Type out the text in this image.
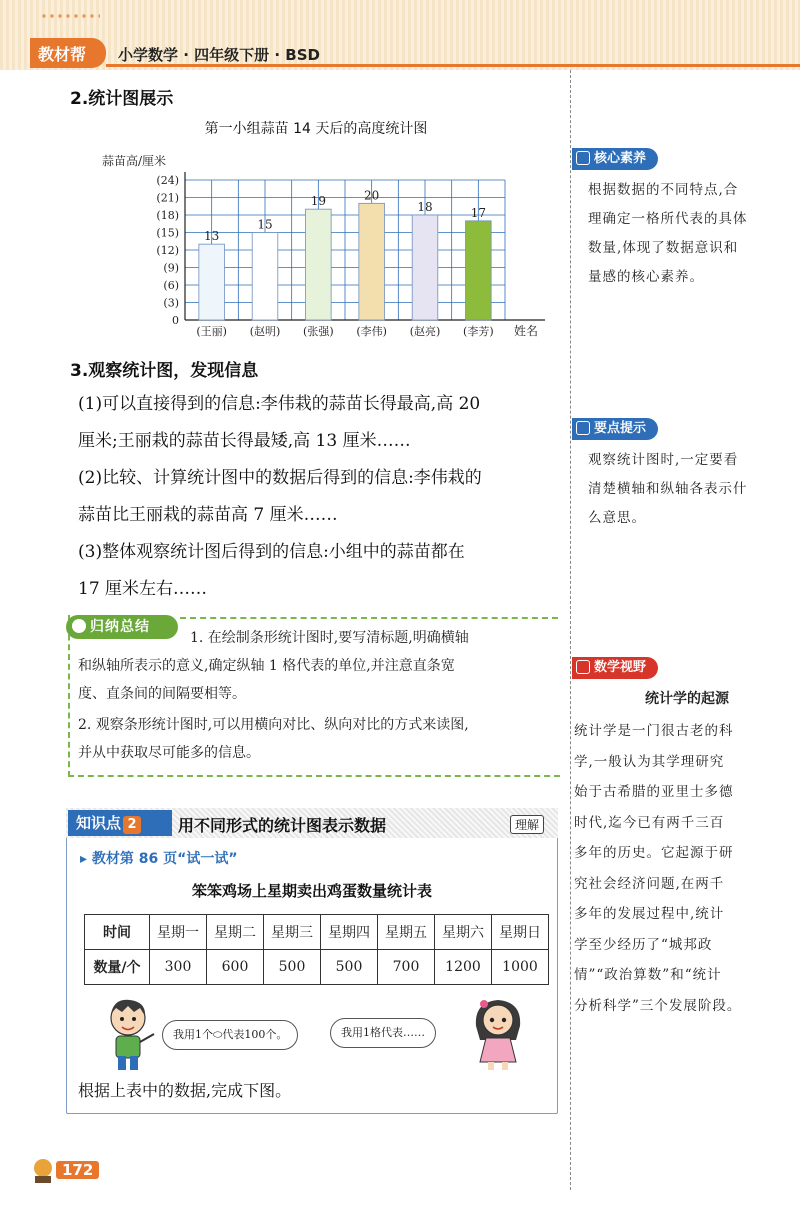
教材帮 小学数学 · 四年级下册 · BSD
2.统计图展示
第一小组蒜苗 14 天后的高度统计图
蒜苗高/厘米
姓名
0
(3)
(6)
(9)
(12)
(15)
(18)
(21)
(24)
13
(王丽)
15
(赵明)
19
(张强)
20
(李伟)
18
(赵亮)
17
(李芳)
3.观察统计图，发现信息
(1)可以直接得到的信息:李伟栽的蒜苗长得最高,高 20
厘米;王丽栽的蒜苗长得最矮,高 13 厘米……
(2)比较、计算统计图中的数据后得到的信息:李伟栽的
蒜苗比王丽栽的蒜苗高 7 厘米……
(3)整体观察统计图后得到的信息:小组中的蒜苗都在
17 厘米左右……
归纳总结
1. 在绘制条形统计图时,要写清标题,明确横轴
和纵轴所表示的意义,确定纵轴 1 格代表的单位,并注意直条宽
度、直条间的间隔要相等。
2. 观察条形统计图时,可以用横向对比、纵向对比的方式来读图,
并从中获取尽可能多的信息。
知识点 2	用不同形式的统计图表示数据	理解
▸ 教材第 86 页“试一试”
笨笨鸡场上星期卖出鸡蛋数量统计表
时间	星期一	星期二	星期三	星期四	星期五	星期六	星期日
数量/个	300	600	500	500	700	1200	1000
我用1个⬭代表100个。	我用1格代表……
根据上表中的数据,完成下图。
核心素养
根据数据的不同特点,合
理确定一格所代表的具体
数量,体现了数据意识和
量感的核心素养。
要点提示
观察统计图时,一定要看
清楚横轴和纵轴各表示什
么意思。
数学视野
统计学的起源
统计学是一门很古老的科
学,一般认为其学理研究
始于古希腊的亚里士多德
时代,迄今已有两千三百
多年的历史。它起源于研
究社会经济问题,在两千
多年的发展过程中,统计
学至少经历了“城邦政
情”“政治算数”和“统计
分析科学”三个发展阶段。
172
